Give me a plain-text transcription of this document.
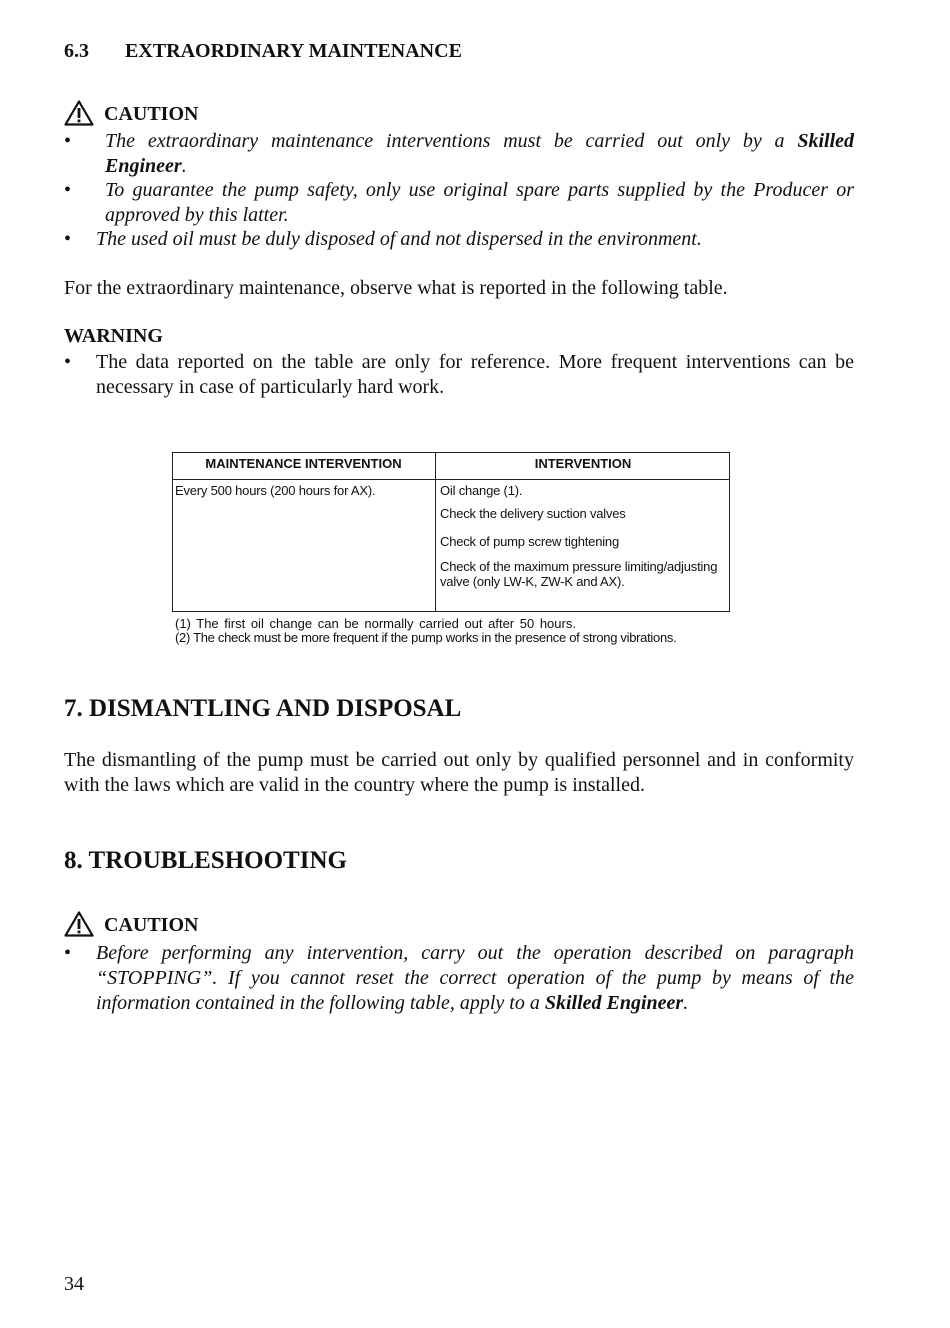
6.3 EXTRAORDINARY MAINTENANCE
CAUTION
• The extraordinary maintenance interventions must be carried out only by a Skilled Engineer.
• To guarantee the pump safety, only use original spare parts supplied by the Producer or approved by this latter.
• The used oil must be duly disposed of and not dispersed in the environment.
For the extraordinary maintenance, observe what is reported in the following table.
WARNING
• The data reported on the table are only for reference. More frequent interventions can be necessary in case of particularly hard work.
MAINTENANCE INTERVENTION	INTERVENTION
Every 500 hours (200 hours for AX).	Oil change (1).
Check the delivery suction valves
Check of pump screw tightening
Check of the maximum pressure limiting/adjusting valve (only LW-K, ZW-K and AX).
(1) The first oil change can be normally carried out after 50 hours.
(2) The check must be more frequent if the pump works in the presence of strong vibrations.
7. DISMANTLING AND DISPOSAL
The dismantling of the pump must be carried out only by qualified personnel and in conformity with the laws which are valid in the country where the pump is installed.
8. TROUBLESHOOTING
CAUTION
• Before performing any intervention, carry out the operation described on paragraph “STOPPING”. If you cannot reset the correct operation of the pump by means of the information contained in the following table, apply to a Skilled Engineer.
34
